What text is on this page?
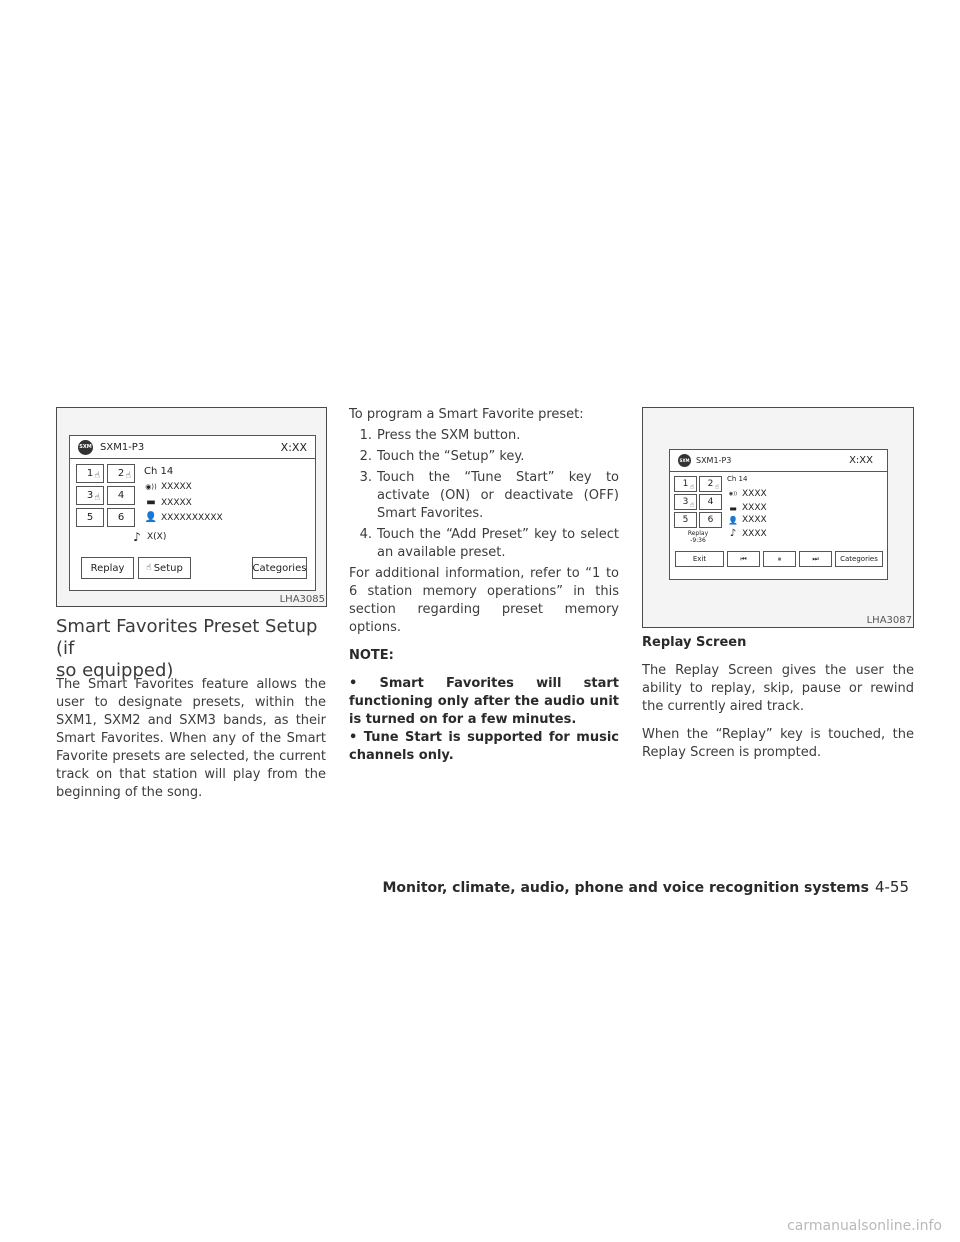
SXM SXM1-P3	X:XX
1 ☝ 2 ☝
3 ☝ 4
5 6
Ch 14
◉)) XXXXX
▬ XXXXX
👤 XXXXXXXXXX
♪ X(X)
Replay ☝ Setup	Categories
LHA3085
Smart Favorites Preset Setup (if
so equipped)

The Smart Favorites feature allows the user to designate presets, within the SXM1, SXM2 and SXM3 bands, as their Smart Favorites. When any of the Smart Favorite presets are selected, the current track on that station will play from the beginning of the song.

To program a Smart Favorite preset:

1. Press the SXM button.
2. Touch the “Setup” key.
3. Touch the “Tune Start” key to activate (ON) or deactivate (OFF) Smart Favorites.
4. Touch the “Add Preset” key to select an available preset.

For additional information, refer to “1 to 6 station memory operations” in this section regarding preset memory options.

NOTE:

• Smart Favorites will start functioning only after the audio unit is turned on for a few minutes.

• Tune Start is supported for music channels only.

SXM SXM1-P3	X:XX
1 ☝ 2 ☝
3 ☝ 4
5 6
Replay
-9:36
Ch 14
◉)) XXXX
▬ XXXX
👤 XXXX
♪ XXXX
Exit	⏮	⏸	⏭	Categories
LHA3087

Replay Screen

The Replay Screen gives the user the ability to replay, skip, pause or rewind the currently aired track.

When the “Replay” key is touched, the Replay Screen is prompted.

Monitor, climate, audio, phone and voice recognition systems 4-55
carmanualsonline.info
